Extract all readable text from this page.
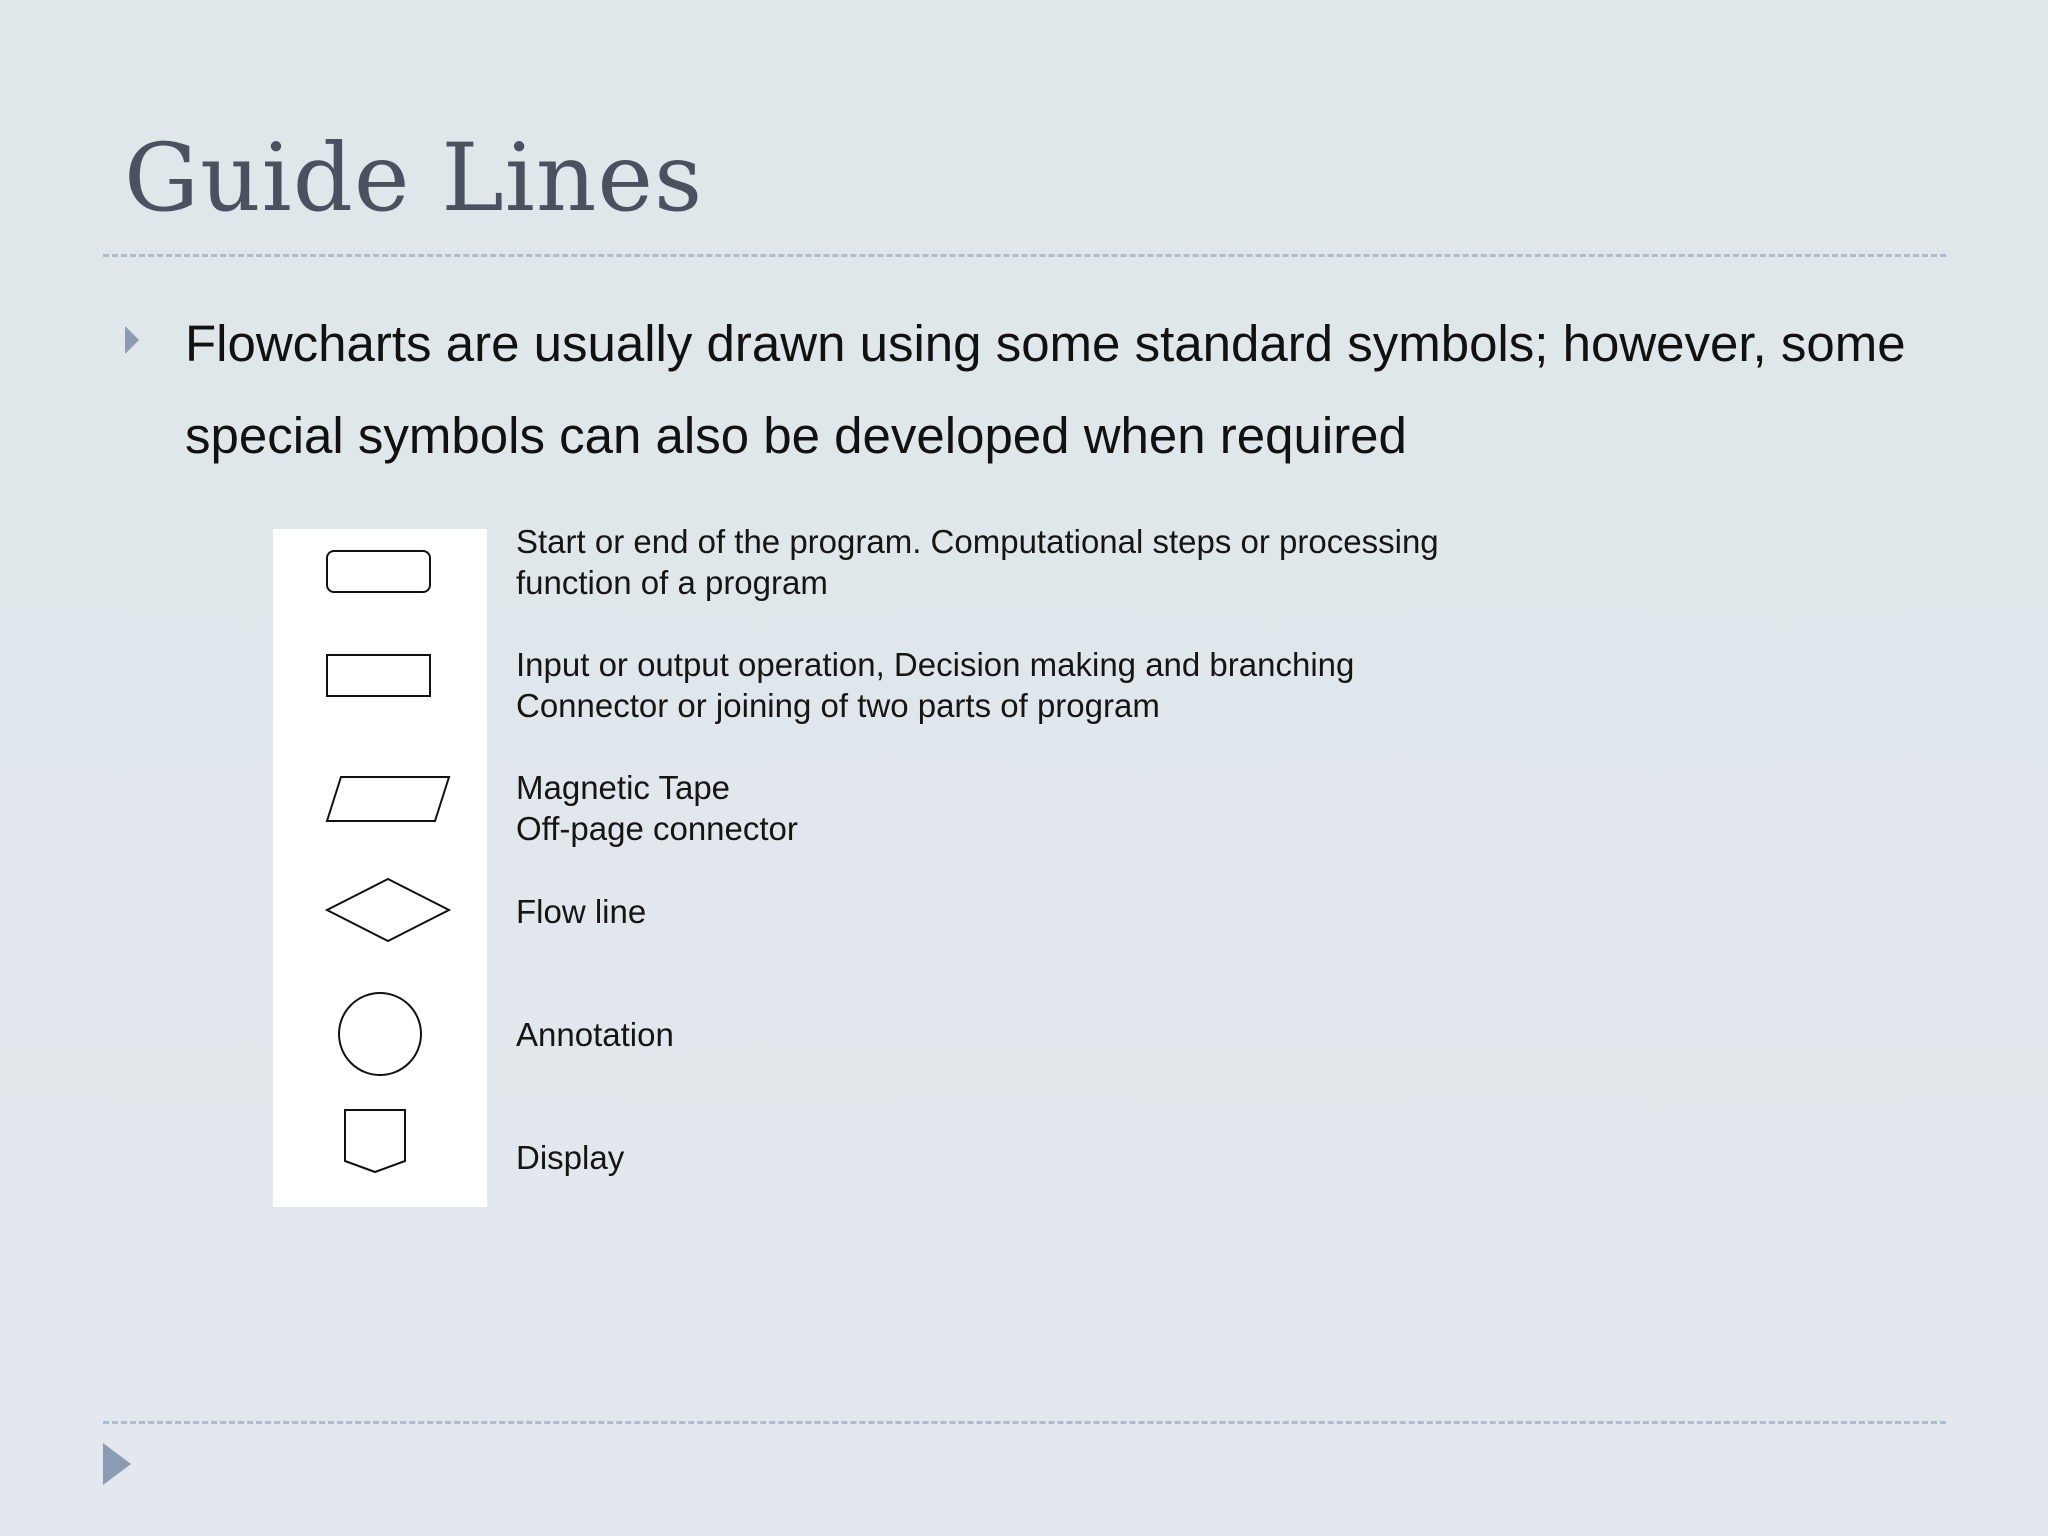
Guide Lines
Flowcharts are usually drawn using some standard symbols; however, some special symbols can also be developed when required
Start or end of the program. Computational steps or processing
function of a program
Input or output operation, Decision making and branching
Connector or joining of two parts of program
Magnetic Tape
Off-page connector
Flow line
Annotation
Display
